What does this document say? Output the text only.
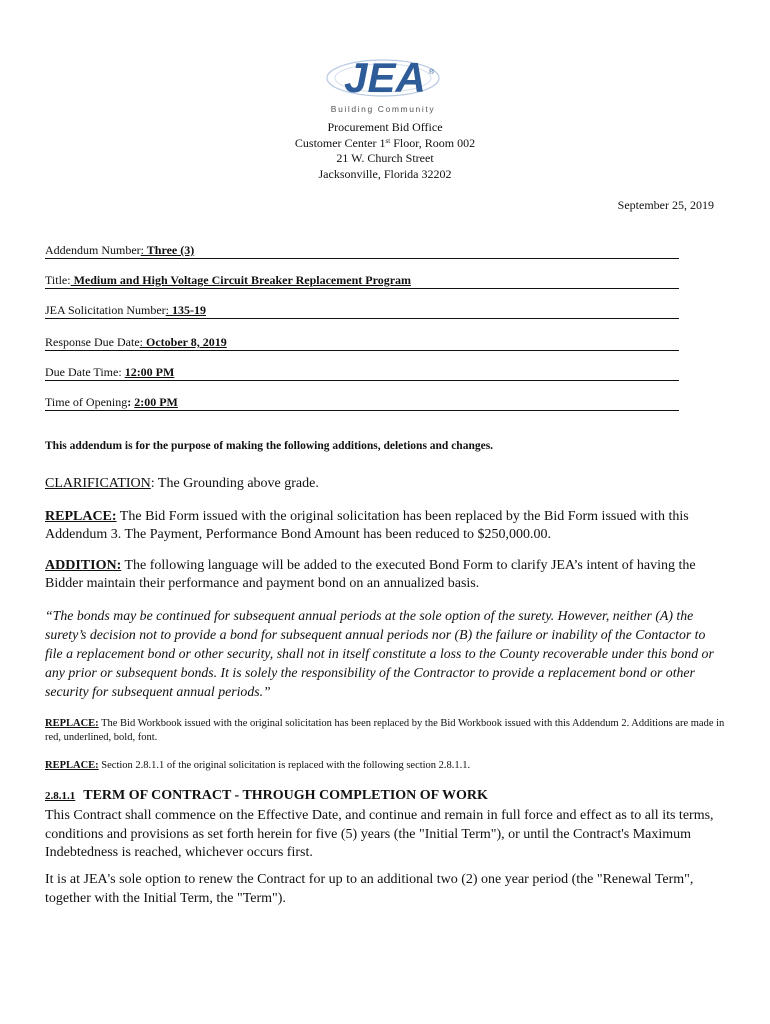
JEA ®
Building Community
Procurement Bid Office
Customer Center 1st Floor, Room 002
21 W. Church Street
Jacksonville, Florida 32202
September 25, 2019
Addendum Number: Three (3)
Title: Medium and High Voltage Circuit Breaker Replacement Program
JEA Solicitation Number: 135-19
Response Due Date: October 8, 2019
Due Date Time: 12:00 PM
Time of Opening: 2:00 PM
This addendum is for the purpose of making the following additions, deletions and changes.
CLARIFICATION: The Grounding above grade.
REPLACE: The Bid Form issued with the original solicitation has been replaced by the Bid Form issued with this Addendum 3. The Payment, Performance Bond Amount has been reduced to $250,000.00.
ADDITION: The following language will be added to the executed Bond Form to clarify JEA’s intent of having the Bidder maintain their performance and payment bond on an annualized basis.
“The bonds may be continued for subsequent annual periods at the sole option of the surety. However, neither (A) the surety’s decision not to provide a bond for subsequent annual periods nor (B) the failure or inability of the Contactor to file a replacement bond or other security, shall not in itself constitute a loss to the County recoverable under this bond or any prior or subsequent bonds. It is solely the responsibility of the Contractor to provide a replacement bond or other security for subsequent annual periods.”
REPLACE: The Bid Workbook issued with the original solicitation has been replaced by the Bid Workbook issued with this Addendum 2. Additions are made in red, underlined, bold, font.
REPLACE: Section 2.8.1.1 of the original solicitation is replaced with the following section 2.8.1.1.
2.8.1.1 TERM OF CONTRACT - THROUGH COMPLETION OF WORK
This Contract shall commence on the Effective Date, and continue and remain in full force and effect as to all its terms, conditions and provisions as set forth herein for five (5) years (the "Initial Term"), or until the Contract's Maximum Indebtedness is reached, whichever occurs first.
It is at JEA's sole option to renew the Contract for up to an additional two (2) one year period (the "Renewal Term", together with the Initial Term, the "Term").
